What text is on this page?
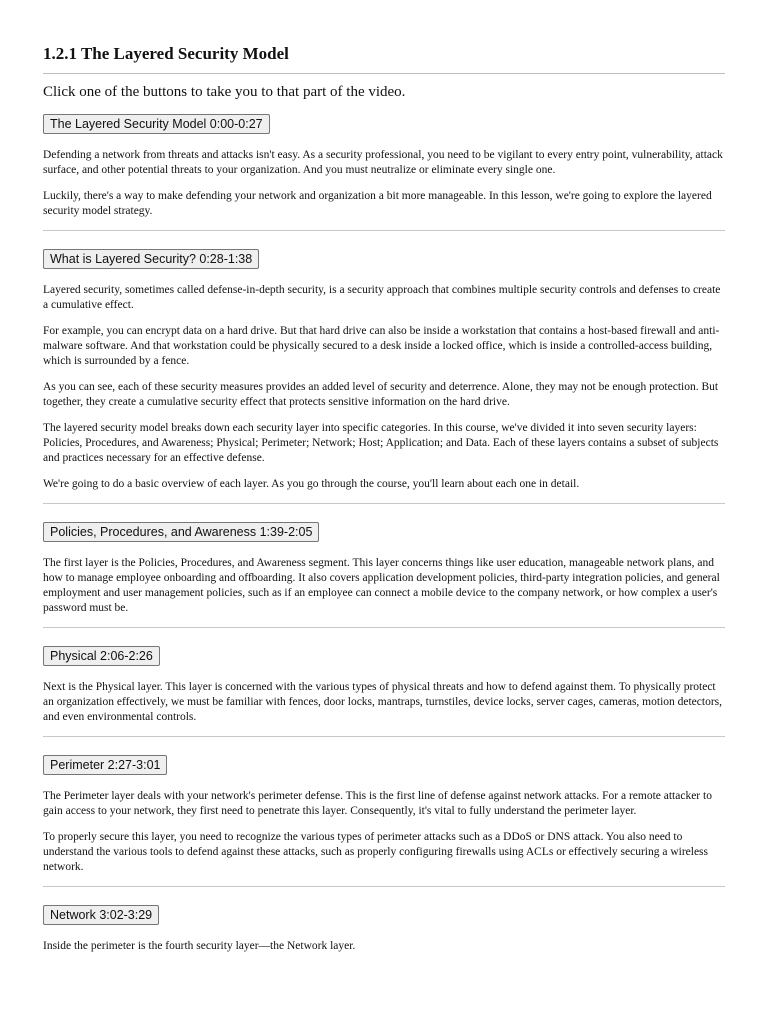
1.2.1 The Layered Security Model
Click one of the buttons to take you to that part of the video.
The Layered Security Model 0:00-0:27

Defending a network from threats and attacks isn't easy. As a security professional, you need to be vigilant to every entry point, vulnerability, attack surface, and other potential threats to your organization. And you must neutralize or eliminate every single one.

Luckily, there's a way to make defending your network and organization a bit more manageable. In this lesson, we're going to explore the layered security model strategy.

What is Layered Security? 0:28-1:38

Layered security, sometimes called defense-in-depth security, is a security approach that combines multiple security controls and defenses to create a cumulative effect.

For example, you can encrypt data on a hard drive. But that hard drive can also be inside a workstation that contains a host-based firewall and anti-malware software. And that workstation could be physically secured to a desk inside a locked office, which is inside a controlled-access building, which is surrounded by a fence.

As you can see, each of these security measures provides an added level of security and deterrence. Alone, they may not be enough protection. But together, they create a cumulative security effect that protects sensitive information on the hard drive.

The layered security model breaks down each security layer into specific categories. In this course, we've divided it into seven security layers: Policies, Procedures, and Awareness; Physical; Perimeter; Network; Host; Application; and Data. Each of these layers contains a subset of subjects and practices necessary for an effective defense.

We're going to do a basic overview of each layer. As you go through the course, you'll learn about each one in detail.

Policies, Procedures, and Awareness 1:39-2:05

The first layer is the Policies, Procedures, and Awareness segment. This layer concerns things like user education, manageable network plans, and how to manage employee onboarding and offboarding. It also covers application development policies, third-party integration policies, and general employment and user management policies, such as if an employee can connect a mobile device to the company network, or how complex a user's password must be.

Physical 2:06-2:26

Next is the Physical layer. This layer is concerned with the various types of physical threats and how to defend against them. To physically protect an organization effectively, we must be familiar with fences, door locks, mantraps, turnstiles, device locks, server cages, cameras, motion detectors, and even environmental controls.

Perimeter 2:27-3:01

The Perimeter layer deals with your network's perimeter defense. This is the first line of defense against network attacks. For a remote attacker to gain access to your network, they first need to penetrate this layer. Consequently, it's vital to fully understand the perimeter layer.

To properly secure this layer, you need to recognize the various types of perimeter attacks such as a DDoS or DNS attack. You also need to understand the various tools to defend against these attacks, such as properly configuring firewalls using ACLs or effectively securing a wireless network.

Network 3:02-3:29

Inside the perimeter is the fourth security layer—the Network layer.
